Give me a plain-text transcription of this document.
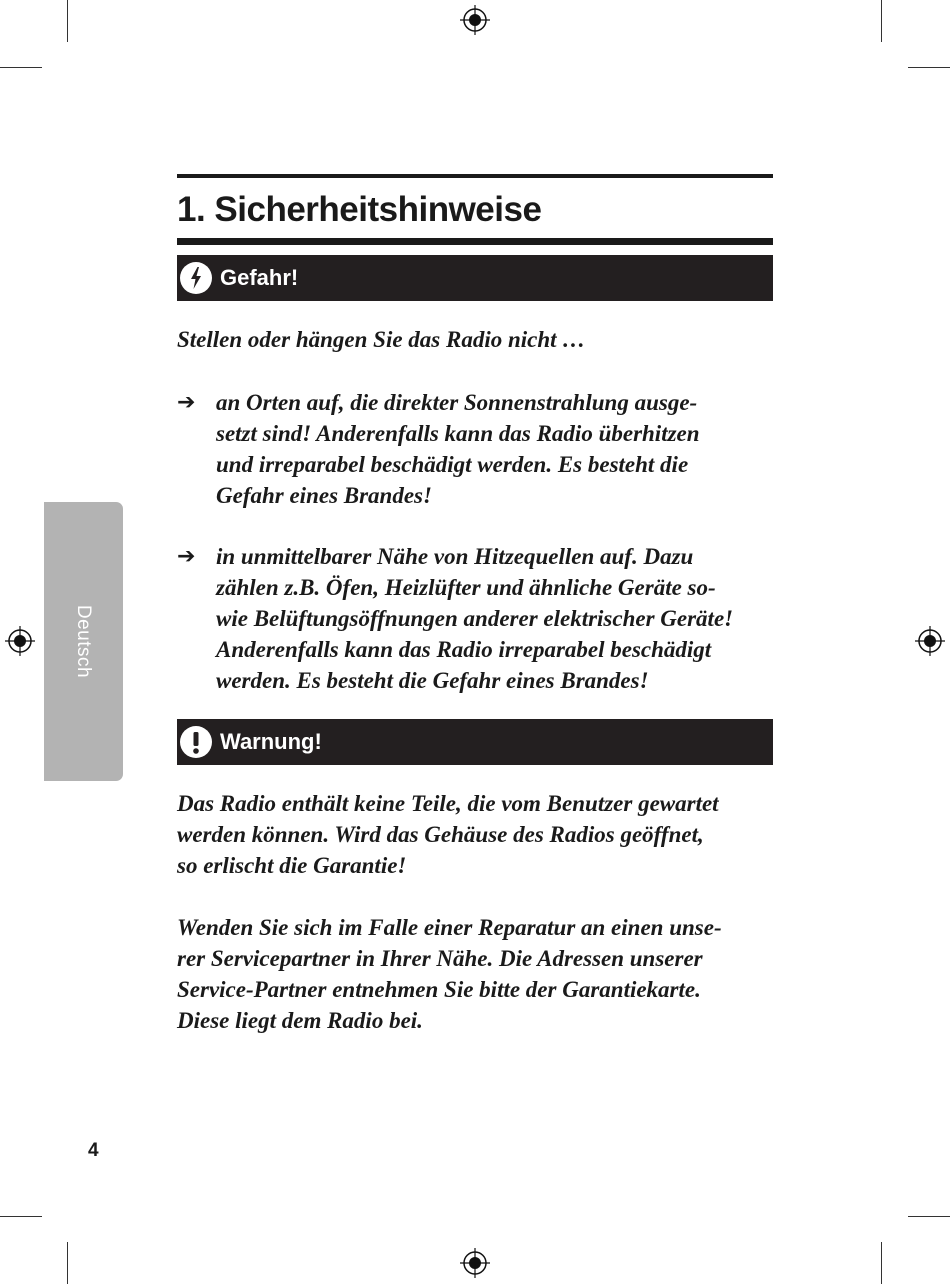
Deutsch
1. Sicherheitshinweise
Gefahr!

Stellen oder hängen Sie das Radio nicht …

➔ an Orten auf, die direkter Sonnenstrahlung ausge-
setzt sind! Anderenfalls kann das Radio überhitzen
und irreparabel beschädigt werden. Es besteht die
Gefahr eines Brandes!

➔ in unmittelbarer Nähe von Hitzequellen auf. Dazu
zählen z.B. Öfen, Heizlüfter und ähnliche Geräte so-
wie Belüftungsöffnungen anderer elektrischer Geräte!
Anderenfalls kann das Radio irreparabel beschädigt
werden. Es besteht die Gefahr eines Brandes!

Warnung!

Das Radio enthält keine Teile, die vom Benutzer gewartet
werden können. Wird das Gehäuse des Radios geöffnet,
so erlischt die Garantie!

Wenden Sie sich im Falle einer Reparatur an einen unse-
rer Servicepartner in Ihrer Nähe. Die Adressen unserer
Service-Partner entnehmen Sie bitte der Garantiekarte.
Diese liegt dem Radio bei.

4
